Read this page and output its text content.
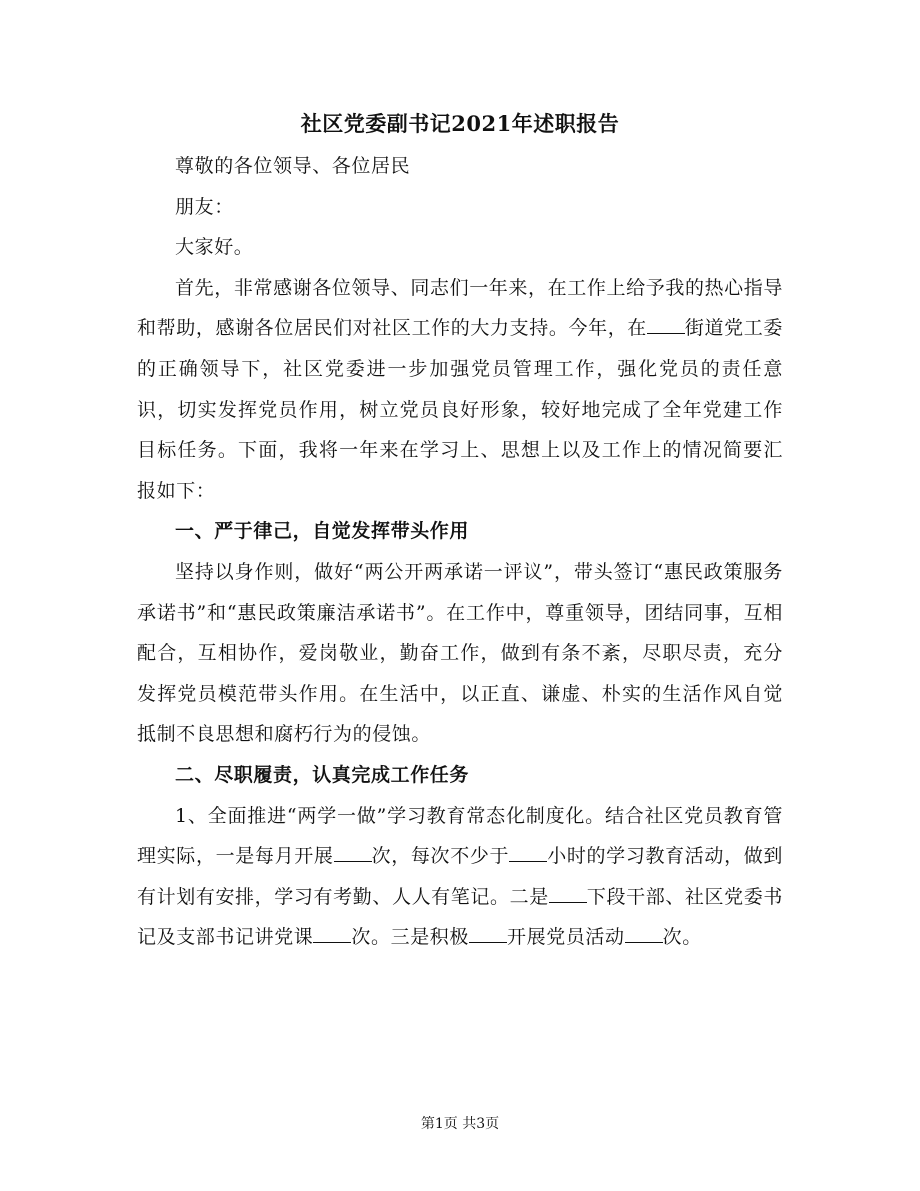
社区党委副书记2021年述职报告

尊敬的各位领导、各位居民

朋友：

大家好。

首先，非常感谢各位领导、同志们一年来，在工作上给予我的热心指导和帮助，感谢各位居民们对社区工作的大力支持。今年，在 街道党工委的正确领导下，社区党委进一步加强党员管理工作，强化党员的责任意识，切实发挥党员作用，树立党员良好形象，较好地完成了全年党建工作目标任务。下面，我将一年来在学习上、思想上以及工作上的情况简要汇报如下：

一、严于律己，自觉发挥带头作用

坚持以身作则，做好“两公开两承诺一评议”，带头签订“惠民政策服务承诺书”和“惠民政策廉洁承诺书”。在工作中，尊重领导，团结同事，互相配合，互相协作，爱岗敬业，勤奋工作，做到有条不紊，尽职尽责，充分发挥党员模范带头作用。在生活中，以正直、谦虚、朴实的生活作风自觉抵制不良思想和腐朽行为的侵蚀。

二、尽职履责，认真完成工作任务

1、全面推进“两学一做”学习教育常态化制度化。结合社区党员教育管理实际，一是每月开展 次，每次不少于 小时的学习教育活动，做到有计划有安排，学习有考勤、人人有笔记。二是 下段干部、社区党委书记及支部书记讲党课 次。三是积极 开展党员活动 次。

第1页 共3页
